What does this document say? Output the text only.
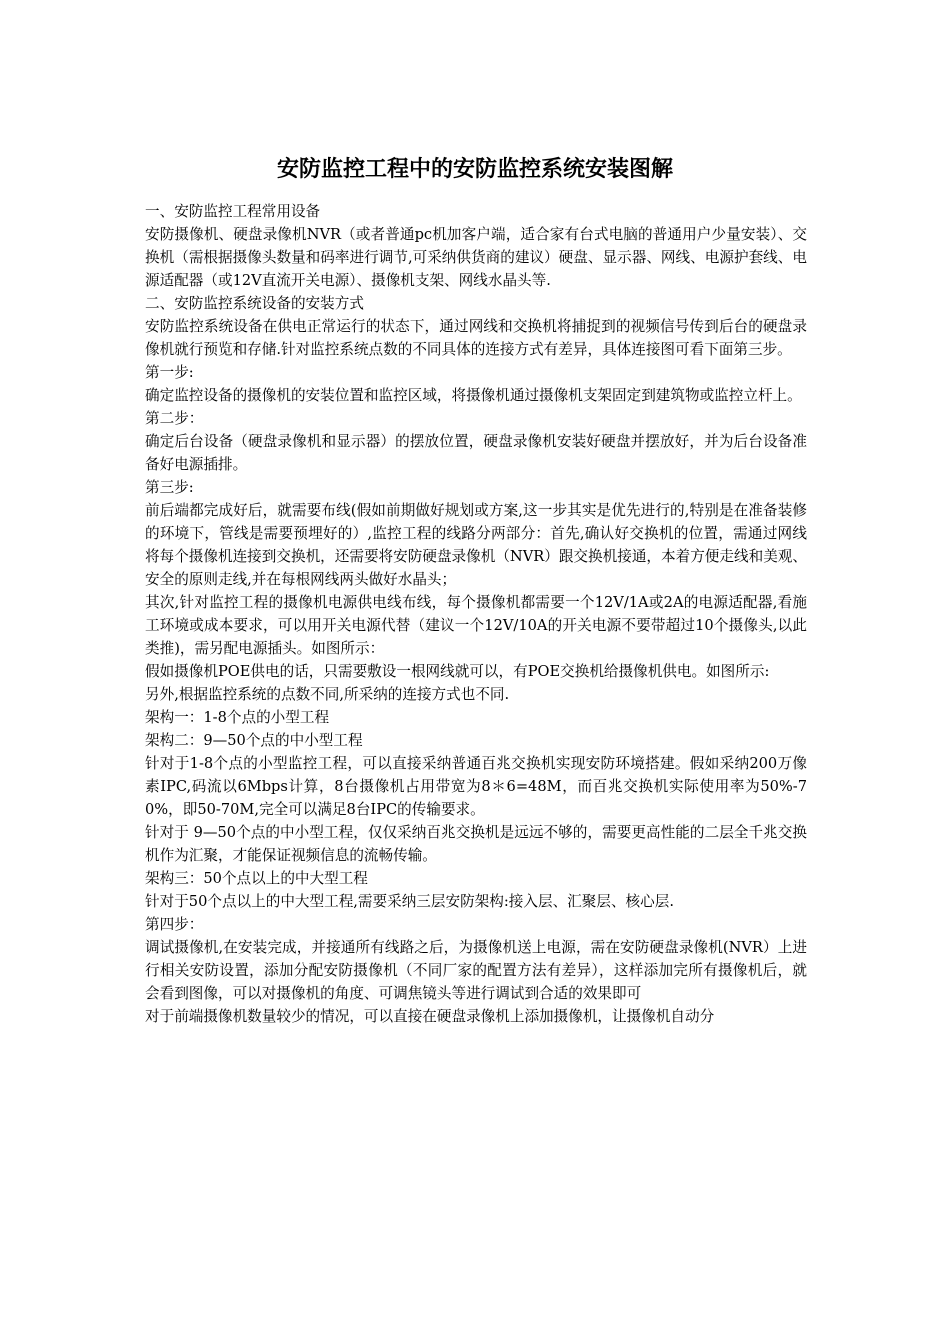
安防监控工程中的安防监控系统安装图解

一、安防监控工程常用设备

安防摄像机、硬盘录像机NVR（或者普通pc机加客户端，适合家有台式电脑的普通用户少量安装）、交换机（需根据摄像头数量和码率进行调节,可采纳供货商的建议）硬盘、显示器、网线、电源护套线、电源适配器（或12V直流开关电源）、摄像机支架、网线水晶头等.

二、安防监控系统设备的安装方式

安防监控系统设备在供电正常运行的状态下，通过网线和交换机将捕捉到的视频信号传到后台的硬盘录像机就行预览和存储.针对监控系统点数的不同具体的连接方式有差异，具体连接图可看下面第三步。

第一步:

确定监控设备的摄像机的安装位置和监控区域，将摄像机通过摄像机支架固定到建筑物或监控立杆上。

第二步：

确定后台设备（硬盘录像机和显示器）的摆放位置，硬盘录像机安装好硬盘并摆放好，并为后台设备准备好电源插排。

第三步:

前后端都完成好后，就需要布线(假如前期做好规划或方案,这一步其实是优先进行的,特别是在准备装修的环境下，管线是需要预埋好的）,监控工程的线路分两部分：首先,确认好交换机的位置，需通过网线将每个摄像机连接到交换机，还需要将安防硬盘录像机（NVR）跟交换机接通，本着方便走线和美观、安全的原则走线,并在每根网线两头做好水晶头；

其次,针对监控工程的摄像机电源供电线布线，每个摄像机都需要一个12V/1A或2A的电源适配器,看施工环境或成本要求，可以用开关电源代替（建议一个12V/10A的开关电源不要带超过10个摄像头,以此类推)，需另配电源插头。如图所示：

假如摄像机POE供电的话，只需要敷设一根网线就可以，有POE交换机给摄像机供电。如图所示:

另外,根据监控系统的点数不同,所采纳的连接方式也不同.

架构一：1-8个点的小型工程

架构二：9—50个点的中小型工程

针对于1-8个点的小型监控工程，可以直接采纳普通百兆交换机实现安防环境搭建。假如采纳200万像素IPC,码流以6Mbps计算，8台摄像机占用带宽为8＊6=48M，而百兆交换机实际使用率为50%-70%，即50-70M,完全可以满足8台IPC的传输要求。

针对于 9—50个点的中小型工程，仅仅采纳百兆交换机是远远不够的，需要更高性能的二层全千兆交换机作为汇聚，才能保证视频信息的流畅传输。

架构三：50个点以上的中大型工程

针对于50个点以上的中大型工程,需要采纳三层安防架构:接入层、汇聚层、核心层.

第四步：

调试摄像机,在安装完成，并接通所有线路之后，为摄像机送上电源，需在安防硬盘录像机(NVR）上进行相关安防设置，添加分配安防摄像机（不同厂家的配置方法有差异），这样添加完所有摄像机后，就会看到图像，可以对摄像机的角度、可调焦镜头等进行调试到合适的效果即可

对于前端摄像机数量较少的情况，可以直接在硬盘录像机上添加摄像机，让摄像机自动分
